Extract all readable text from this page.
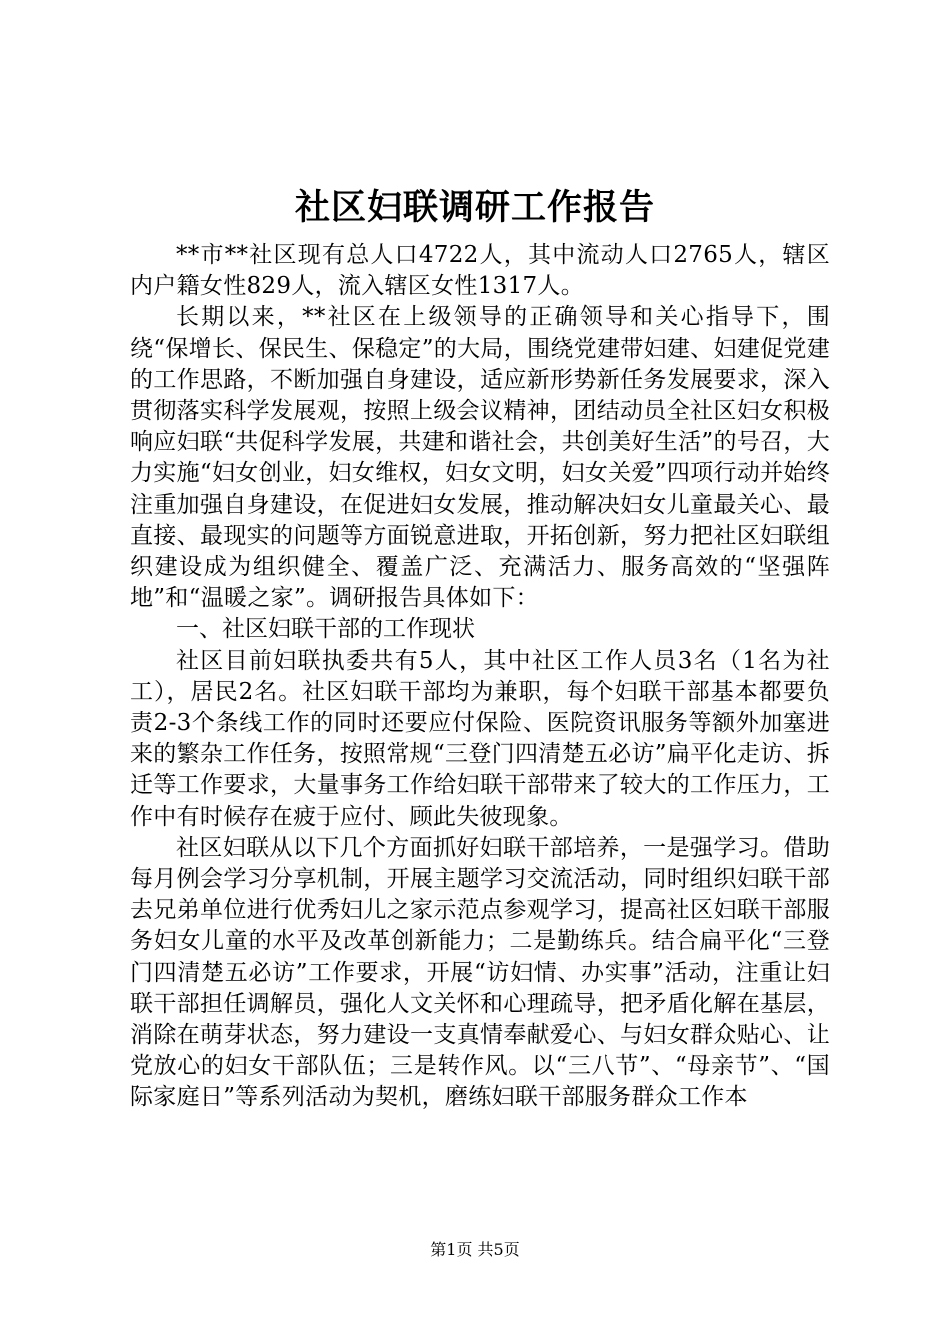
社区妇联调研工作报告

**市**社区现有总人口4722人，其中流动人口2765人，辖区内户籍女性829人，流入辖区女性1317人。

长期以来，**社区在上级领导的正确领导和关心指导下，围绕“保增长、保民生、保稳定”的大局，围绕党建带妇建、妇建促党建的工作思路，不断加强自身建设，适应新形势新任务发展要求，深入贯彻落实科学发展观，按照上级会议精神，团结动员全社区妇女积极响应妇联“共促科学发展，共建和谐社会，共创美好生活”的号召，大力实施“妇女创业，妇女维权，妇女文明，妇女关爱”四项行动并始终注重加强自身建设，在促进妇女发展，推动解决妇女儿童最关心、最直接、最现实的问题等方面锐意进取，开拓创新，努力把社区妇联组织建设成为组织健全、覆盖广泛、充满活力、服务高效的“坚强阵地”和“温暖之家”。调研报告具体如下：

一、社区妇联干部的工作现状

社区目前妇联执委共有5人，其中社区工作人员3名（1名为社工），居民2名。社区妇联干部均为兼职，每个妇联干部基本都要负责2-3个条线工作的同时还要应付保险、医院资讯服务等额外加塞进来的繁杂工作任务，按照常规“三登门四清楚五必访”扁平化走访、拆迁等工作要求，大量事务工作给妇联干部带来了较大的工作压力，工作中有时候存在疲于应付、顾此失彼现象。

社区妇联从以下几个方面抓好妇联干部培养，一是强学习。借助每月例会学习分享机制，开展主题学习交流活动，同时组织妇联干部去兄弟单位进行优秀妇儿之家示范点参观学习，提高社区妇联干部服务妇女儿童的水平及改革创新能力；二是勤练兵。结合扁平化“三登门四清楚五必访”工作要求，开展“访妇情、办实事”活动，注重让妇联干部担任调解员，强化人文关怀和心理疏导，把矛盾化解在基层，消除在萌芽状态，努力建设一支真情奉献爱心、与妇女群众贴心、让党放心的妇女干部队伍；三是转作风。以“三八节”、“母亲节”、“国际家庭日”等系列活动为契机，磨练妇联干部服务群众工作本

第1页 共5页
